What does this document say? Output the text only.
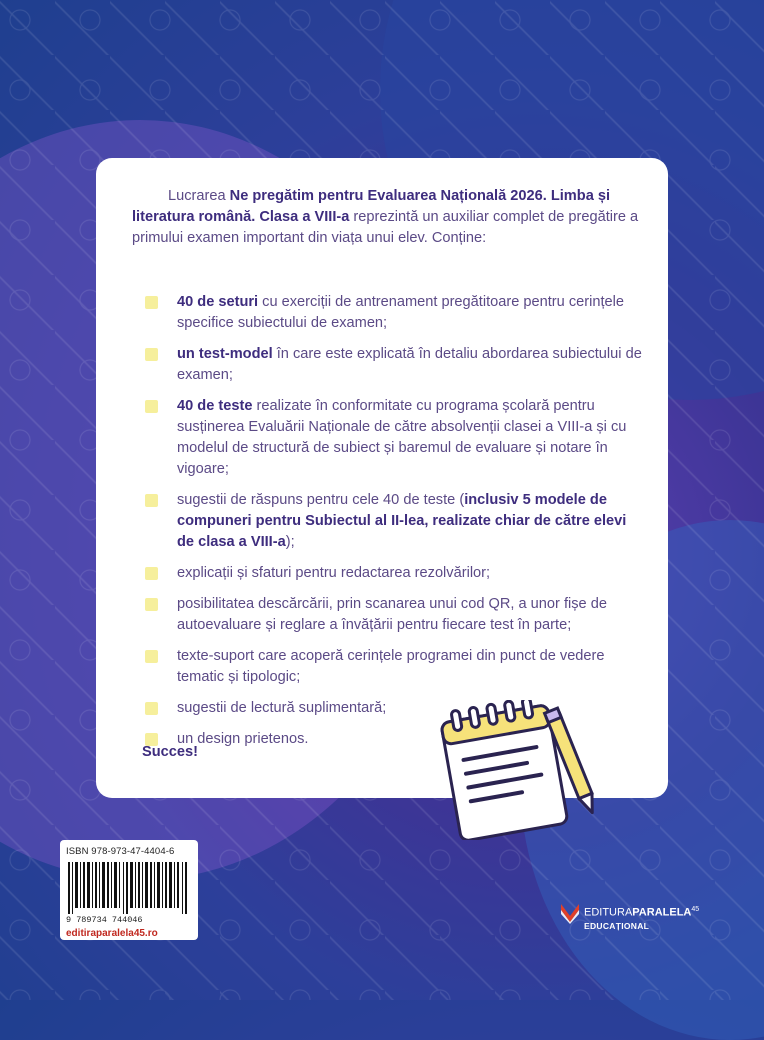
Lucrarea Ne pregătim pentru Evaluarea Națională 2026. Limba și literatura română. Clasa a VIII-a reprezintă un auxiliar complet de pregătire a primului examen important din viața unui elev. Conține:
40 de seturi cu exerciții de antrenament pregătitoare pentru cerințele specifice subiectului de examen;
un test-model în care este explicată în detaliu abordarea subiectului de examen;
40 de teste realizate în conformitate cu programa școlară pentru susținerea Evaluării Naționale de către absolvenții clasei a VIII-a și cu modelul de structură de subiect și baremul de evaluare și notare în vigoare;
sugestii de răspuns pentru cele 40 de teste (inclusiv 5 modele de compuneri pentru Subiectul al II-lea, realizate chiar de către elevi de clasa a VIII-a);
explicații și sfaturi pentru redactarea rezolvărilor;
posibilitatea descărcării, prin scanarea unui cod QR, a unor fișe de autoevaluare și reglare a învățării pentru fiecare test în parte;
texte-suport care acoperă cerințele programei din punct de vedere tematic și tipologic;
sugestii de lectură suplimentară;
un design prietenos.
Succes!
ISBN 978-973-47-4404-6
9 789734 744046
editiraparalela45.ro
EDITURAPARALELA$^{45}$
EDUCAȚIONAL
